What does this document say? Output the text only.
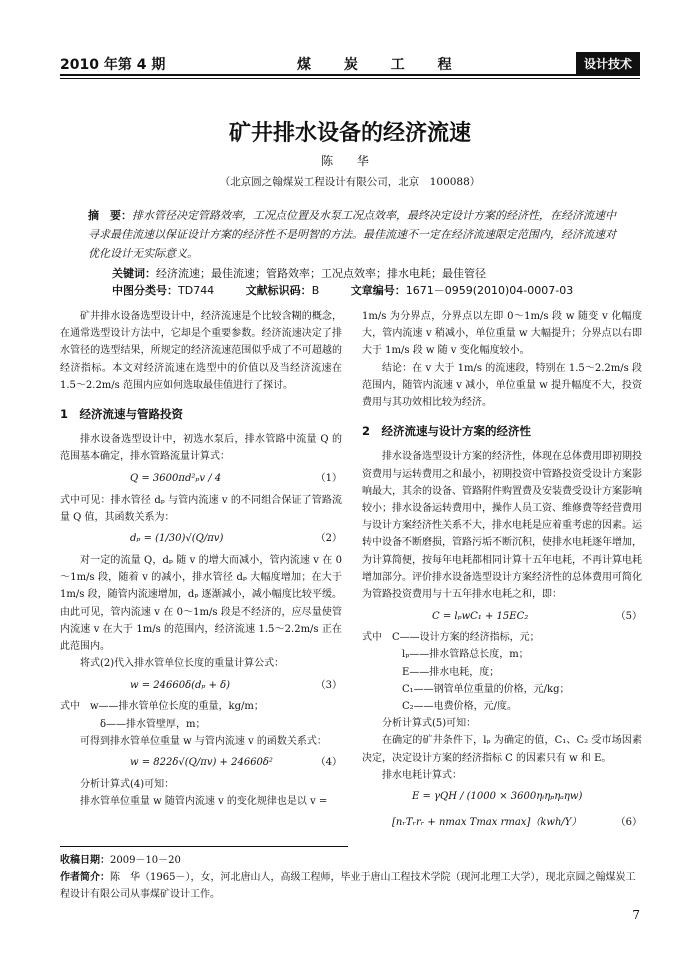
2010 年第 4 期	煤 炭 工 程	设计技术
矿井排水设备的经济流速
陈 华
（北京圆之翰煤炭工程设计有限公司，北京　100088）
摘　要：排水管径决定管路效率，工况点位置及水泵工况点效率，最终决定设计方案的经济性，在经济流速中寻求最佳流速以保证设计方案的经济性不是明智的方法。最佳流速不一定在经济流速限定范围内，经济流速对优化设计无实际意义。
关键词：经济流速；最佳流速；管路效率；工况点效率；排水电耗；最佳管径
中图分类号：TD744	文献标识码：B	文章编号：1671－0959(2010)04-0007-03

矿井排水设备选型设计中，经济流速是个比较含糊的概念，在通常选型设计方法中，它却是个重要参数。经济流速决定了排水管径的选型结果，所规定的经济流速范围似乎成了不可超越的经济指标。本文对经济流速在选型中的价值以及当经济流速在 1.5～2.2m/s 范围内应如何选取最佳值进行了探讨。

1　经济流速与管路投资

排水设备选型设计中，初选水泵后，排水管路中流量 Q 的范围基本确定，排水管路流量计算式：

Q = 3600πd²ₚv / 4	（1）

式中可见：排水管径 dₚ 与管内流速 v 的不同组合保证了管路流量 Q 值，其函数关系为：

dₚ = (1/30)√(Q/πv)	（2）

对一定的流量 Q，dₚ 随 v 的增大而减小，管内流速 v 在 0～1m/s 段，随着 v 的减小，排水管径 dₚ 大幅度增加；在大于 1m/s 段，随管内流速增加，dₚ 逐渐减小，减小幅度比较平缓。由此可见，管内流速 v 在 0～1m/s 段是不经济的，应尽量使管内流速 v 在大于 1m/s 的范围内，经济流速 1.5～2.2m/s 正在此范围内。

将式(2)代入排水管单位长度的重量计算公式：

w = 24660δ(dₚ + δ)	（3）
式中　w——排水管单位长度的重量，kg/m；
δ——排水管壁厚，m；

可得到排水管单位重量 w 与管内流速 v 的函数关系式：

w = 822δ√(Q/πv) + 24660δ²	（4）

分析计算式(4)可知：

排水管单位重量 w 随管内流速 v 的变化规律也是以 v =

1m/s 为分界点，分界点以左即 0～1m/s 段 w 随变 v 化幅度大，管内流速 v 稍减小，单位重量 w 大幅提升；分界点以右即大于 1m/s 段 w 随 v 变化幅度较小。

结论：在 v 大于 1m/s 的流速段，特别在 1.5～2.2m/s 段范围内，随管内流速 v 减小，单位重量 w 提升幅度不大，投资费用与其功效相比较为经济。

2　经济流速与设计方案的经济性

排水设备选型设计方案的经济性，体现在总体费用即初期投资费用与运转费用之和最小，初期投资中管路投资受设计方案影响最大，其余的设备、管路附件购置费及安装费受设计方案影响较小；排水设备运转费用中，操作人员工资、维修费等经营费用与设计方案经济性关系不大，排水电耗是应着重考虑的因素。运转中设备不断磨损，管路污垢不断沉积，使排水电耗逐年增加，为计算简便，按每年电耗都相同计算十五年电耗，不再计算电耗增加部分。评价排水设备选型设计方案经济性的总体费用可简化为管路投资费用与十五年排水电耗之和，即：

C = lₚwC₁ + 15EC₂	（5）
式中　C——设计方案的经济指标，元；
lₚ——排水管路总长度，m；
E——排水电耗，度；
C₁——钢管单位重量的价格，元/kg；
C₂——电费价格，元/度。

分析计算式(5)可知：

在确定的矿井条件下，lₚ 为确定的值，C₁、C₂ 受市场因素决定，决定设计方案的经济指标 C 的因素只有 w 和 E。

排水电耗计算式：

E = γQH / (1000 × 3600ηᵢηₚηₐηw)
[nᵣTᵣrᵣ + nmax Tmax rmax]（kwh/Y）	（6）
收稿日期：2009－10－20
作者简介：陈　华（1965－），女，河北唐山人，高级工程师，毕业于唐山工程技术学院（现河北理工大学），现北京圆之翰煤炭工程设计有限公司从事煤矿设计工作。
7
